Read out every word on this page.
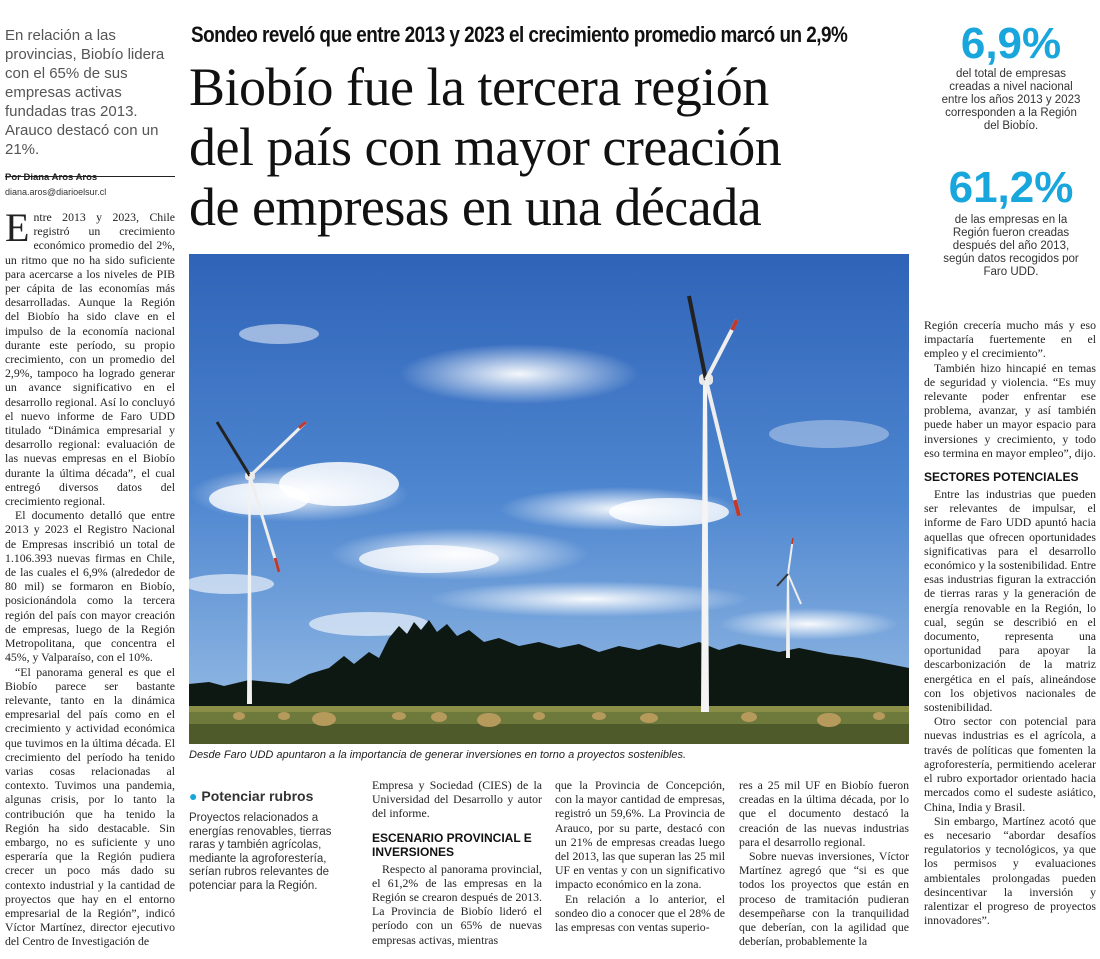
En relación a las provincias, Biobío lidera con el 65% de sus empresas activas fundadas tras 2013. Arauco destacó con un 21%.
Por Diana Aros Aros
diana.aros@diarioelsur.cl
Sondeo reveló que entre 2013 y 2023 el crecimiento promedio marcó un 2,9%
Biobío fue la tercera región
del país con mayor creación
de empresas en una década
6,9%
del total de empresas creadas a nivel nacional entre los años 2013 y 2023 corresponden a la Región del Biobío.
61,2%
de las empresas en la Región fueron creadas después del año 2013, según datos recogidos por Faro UDD.
Desde Faro UDD apuntaron a la importancia de generar inversiones en torno a proyectos sostenibles.

Entre 2013 y 2023, Chile registró un crecimiento económico promedio del 2%, un ritmo que no ha sido suficiente para acercarse a los niveles de PIB per cápita de las economías más desarrolladas. Aunque la Región del Biobío ha sido clave en el impulso de la economía nacional durante este período, su propio crecimiento, con un promedio del 2,9%, tampoco ha logrado generar un avance significativo en el desarrollo regional. Así lo concluyó el nuevo informe de Faro UDD titulado “Dinámica empresarial y desarrollo regional: evaluación de las nuevas empresas en el Biobío durante la última década”, el cual entregó diversos datos del crecimiento regional.

El documento detalló que entre 2013 y 2023 el Registro Nacional de Empresas inscribió un total de 1.106.393 nuevas firmas en Chile, de las cuales el 6,9% (alrededor de 80 mil) se formaron en Biobío, posicionándola como la tercera región del país con mayor creación de empresas, luego de la Región Metropolitana, que concentra el 45%, y Valparaíso, con el 10%.

“El panorama general es que el Biobío parece ser bastante relevante, tanto en la dinámica empresarial del país como en el crecimiento y actividad económica que tuvimos en la última década. El crecimiento del período ha tenido varias cosas relacionadas al contexto. Tuvimos una pandemia, algunas crisis, por lo tanto la contribución que ha tenido la Región ha sido destacable. Sin embargo, no es suficiente y uno esperaría que la Región pudiera crecer un poco más dado su contexto industrial y la cantidad de proyectos que hay en el entorno empresarial de la Región”, indicó Víctor Martínez, director ejecutivo del Centro de Investigación de

● Potenciar rubros
Proyectos relacionados a energías renovables, tierras raras y también agrícolas, mediante la agroforestería, serían rubros relevantes de potenciar para la Región.

Empresa y Sociedad (CIES) de la Universidad del Desarrollo y autor del informe.

ESCENARIO PROVINCIAL E INVERSIONES

Respecto al panorama provincial, el 61,2% de las empresas en la Región se crearon después de 2013. La Provincia de Biobío lideró el período con un 65% de nuevas empresas activas, mientras

que la Provincia de Concepción, con la mayor cantidad de empresas, registró un 59,6%. La Provincia de Arauco, por su parte, destacó con un 21% de empresas creadas luego del 2013, las que superan las 25 mil UF en ventas y con un significativo impacto económico en la zona.

En relación a lo anterior, el sondeo dio a conocer que el 28% de las empresas con ventas superio-

res a 25 mil UF en Biobío fueron creadas en la última década, por lo que el documento destacó la creación de las nuevas industrias para el desarrollo regional.

Sobre nuevas inversiones, Víctor Martínez agregó que “si es que todos los proyectos que están en proceso de tramitación pudieran desempeñarse con la tranquilidad que deberían, con la agilidad que deberían, probablemente la

Región crecería mucho más y eso impactaría fuertemente en el empleo y el crecimiento”.

También hizo hincapié en temas de seguridad y violencia. “Es muy relevante poder enfrentar ese problema, avanzar, y así también puede haber un mayor espacio para inversiones y crecimiento, y todo eso termina en mayor empleo”, dijo.

SECTORES POTENCIALES

Entre las industrias que pueden ser relevantes de impulsar, el informe de Faro UDD apuntó hacia aquellas que ofrecen oportunidades significativas para el desarrollo económico y la sostenibilidad. Entre esas industrias figuran la extracción de tierras raras y la generación de energía renovable en la Región, lo cual, según se describió en el documento, representa una oportunidad para apoyar la descarbonización de la matriz energética en el país, alineándose con los objetivos nacionales de sostenibilidad.

Otro sector con potencial para nuevas industrias es el agrícola, a través de políticas que fomenten la agroforestería, permitiendo acelerar el rubro exportador orientado hacia mercados como el sudeste asiático, China, India y Brasil.

Sin embargo, Martínez acotó que es necesario “abordar desafíos regulatorios y tecnológicos, ya que los permisos y evaluaciones ambientales prolongadas pueden desincentivar la inversión y ralentizar el progreso de proyectos innovadores”.
